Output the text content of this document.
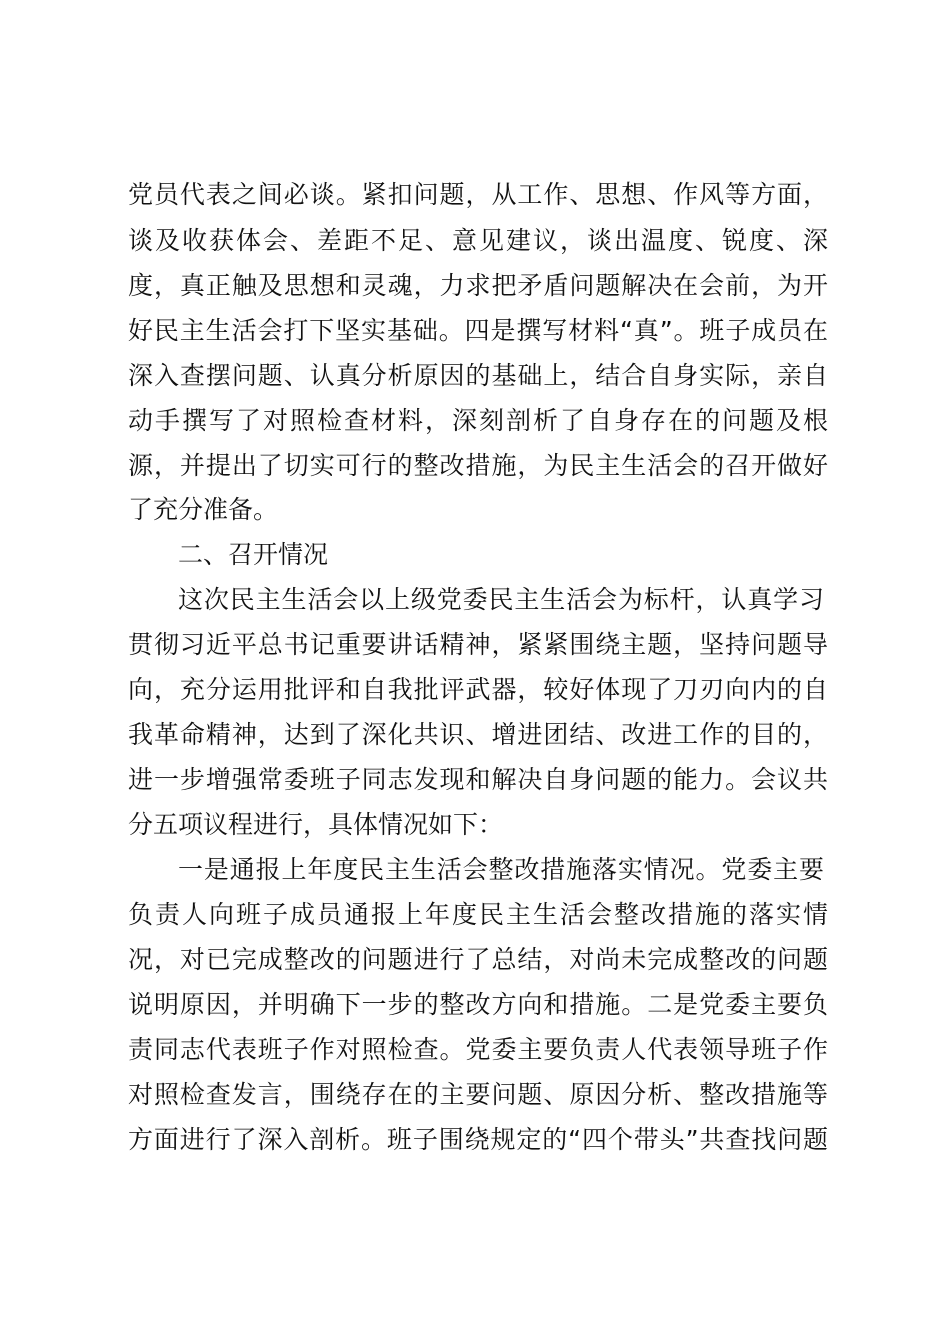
党员代表之间必谈。紧扣问题，从工作、思想、作风等方面，
谈及收获体会、差距不足、意见建议，谈出温度、锐度、深
度，真正触及思想和灵魂，力求把矛盾问题解决在会前，为开
好民主生活会打下坚实基础。四是撰写材料“真”。班子成员在
深入查摆问题、认真分析原因的基础上，结合自身实际，亲自
动手撰写了对照检查材料，深刻剖析了自身存在的问题及根
源，并提出了切实可行的整改措施，为民主生活会的召开做好
了充分准备。
二、召开情况
这次民主生活会以上级党委民主生活会为标杆，认真学习
贯彻习近平总书记重要讲话精神，紧紧围绕主题，坚持问题导
向，充分运用批评和自我批评武器，较好体现了刀刃向内的自
我革命精神，达到了深化共识、增进团结、改进工作的目的，
进一步增强常委班子同志发现和解决自身问题的能力。会议共
分五项议程进行，具体情况如下：
一是通报上年度民主生活会整改措施落实情况。党委主要
负责人向班子成员通报上年度民主生活会整改措施的落实情
况，对已完成整改的问题进行了总结，对尚未完成整改的问题
说明原因，并明确下一步的整改方向和措施。二是党委主要负
责同志代表班子作对照检查。党委主要负责人代表领导班子作
对照检查发言，围绕存在的主要问题、原因分析、整改措施等
方面进行了深入剖析。班子围绕规定的“四个带头”共查找问题
